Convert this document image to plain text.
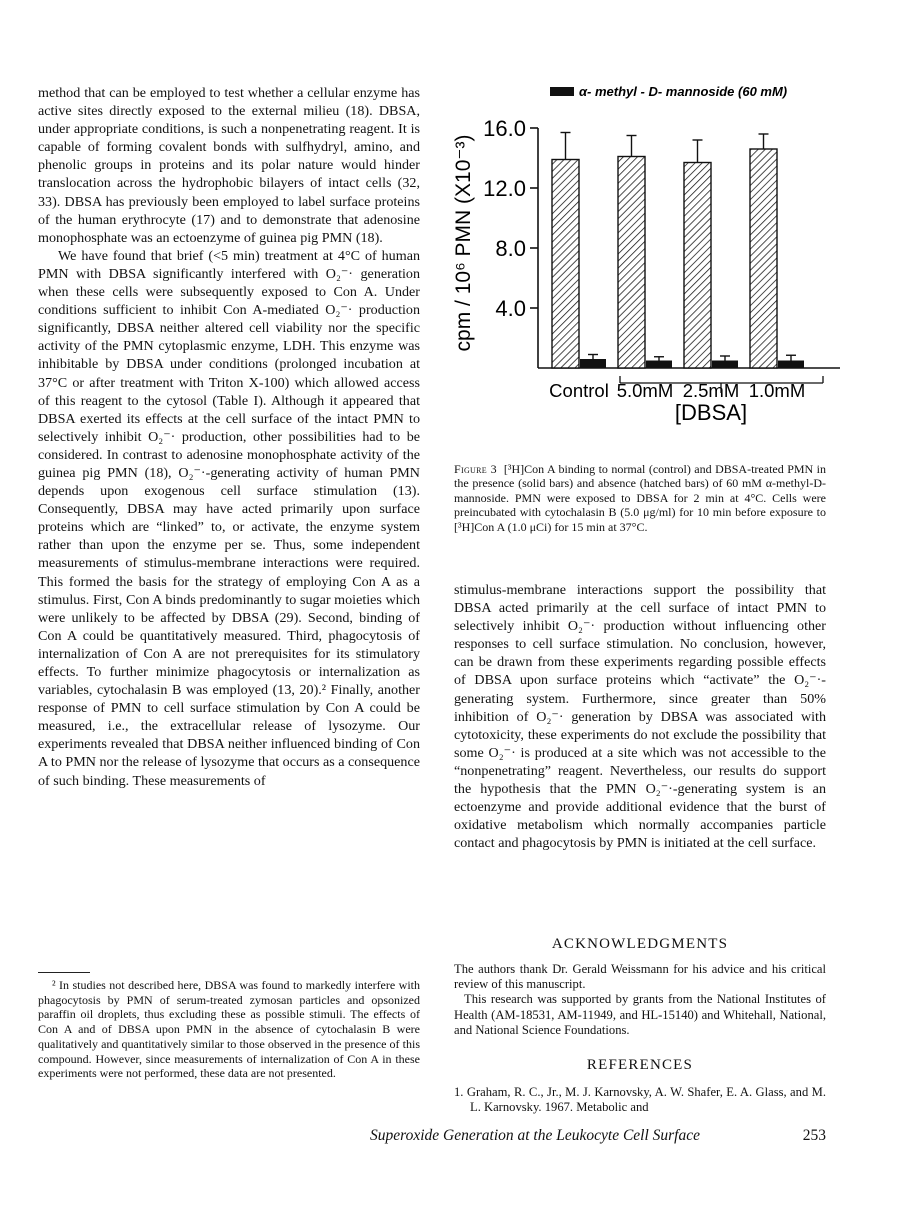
method that can be employed to test whether a cellular enzyme has active sites directly exposed to the external milieu (18). DBSA, under appropriate conditions, is such a nonpenetrating reagent. It is capable of forming covalent bonds with sulfhydryl, amino, and phenolic groups in proteins and its polar nature would hinder translocation across the hydrophobic bilayers of intact cells (32, 33). DBSA has previously been employed to label surface proteins of the human erythrocyte (17) and to demonstrate that adenosine monophosphate was an ectoenzyme of guinea pig PMN (18).

We have found that brief (<5 min) treatment at 4°C of human PMN with DBSA significantly interfered with O₂⁻· generation when these cells were subsequently exposed to Con A. Under conditions sufficient to inhibit Con A-mediated O₂⁻· production significantly, DBSA neither altered cell viability nor the specific activity of the PMN cytoplasmic enzyme, LDH. This enzyme was inhibitable by DBSA under conditions (prolonged incubation at 37°C or after treatment with Triton X-100) which allowed access of this reagent to the cytosol (Table I). Although it appeared that DBSA exerted its effects at the cell surface of the intact PMN to selectively inhibit O₂⁻· production, other possibilities had to be considered. In contrast to adenosine monophosphate activity of the guinea pig PMN (18), O₂⁻·-generating activity of human PMN depends upon exogenous cell surface stimulation (13). Consequently, DBSA may have acted primarily upon surface proteins which are “linked” to, or activate, the enzyme system rather than upon the enzyme per se. Thus, some independent measurements of stimulus-membrane interactions were required. This formed the basis for the strategy of employing Con A as a stimulus. First, Con A binds predominantly to sugar moieties which were unlikely to be affected by DBSA (29). Second, binding of Con A could be quantitatively measured. Third, phagocytosis of internalization of Con A are not prerequisites for its stimulatory effects. To further minimize phagocytosis or internalization as variables, cytochalasin B was employed (13, 20).² Finally, another response of PMN to cell surface stimulation by Con A could be measured, i.e., the extracellular release of lysozyme. Our experiments revealed that DBSA neither influenced binding of Con A to PMN nor the release of lysozyme that occurs as a consequence of such binding. These measurements of

² In studies not described here, DBSA was found to markedly interfere with phagocytosis by PMN of serum-treated zymosan particles and opsonized paraffin oil droplets, thus excluding these as possible stimuli. The effects of Con A and of DBSA upon PMN in the absence of cytochalasin B were qualitatively and quantitatively similar to those observed in the presence of this compound. However, since measurements of internalization of Con A in these experiments were not performed, these data are not presented.
α- methyl - D- mannoside (60 mM)
cpm / 10⁶ PMN (X10⁻³)
16.0
12.0
8.0
4.0
Control 5.0mM 2.5mM 1.0mM
[DBSA]
Figure 3 [³H]Con A binding to normal (control) and DBSA-treated PMN in the presence (solid bars) and absence (hatched bars) of 60 mM α-methyl-D-mannoside. PMN were exposed to DBSA for 2 min at 4°C. Cells were preincubated with cytochalasin B (5.0 μg/ml) for 10 min before exposure to [³H]Con A (1.0 μCi) for 15 min at 37°C.

stimulus-membrane interactions support the possibility that DBSA acted primarily at the cell surface of intact PMN to selectively inhibit O₂⁻· production without influencing other responses to cell surface stimulation. No conclusion, however, can be drawn from these experiments regarding possible effects of DBSA upon surface proteins which “activate” the O₂⁻·-generating system. Furthermore, since greater than 50% inhibition of O₂⁻· generation by DBSA was associated with cytotoxicity, these experiments do not exclude the possibility that some O₂⁻· is produced at a site which was not accessible to the “nonpenetrating” reagent. Nevertheless, our results do support the hypothesis that the PMN O₂⁻·-generating system is an ectoenzyme and provide additional evidence that the burst of oxidative metabolism which normally accompanies particle contact and phagocytosis by PMN is initiated at the cell surface.

ACKNOWLEDGMENTS

The authors thank Dr. Gerald Weissmann for his advice and his critical review of this manuscript.

This research was supported by grants from the National Institutes of Health (AM-18531, AM-11949, and HL-15140) and Whitehall, National, and National Science Foundations.

REFERENCES

1. Graham, R. C., Jr., M. J. Karnovsky, A. W. Shafer, E. A. Glass, and M. L. Karnovsky. 1967. Metabolic and

Superoxide Generation at the Leukocyte Cell Surface	253
